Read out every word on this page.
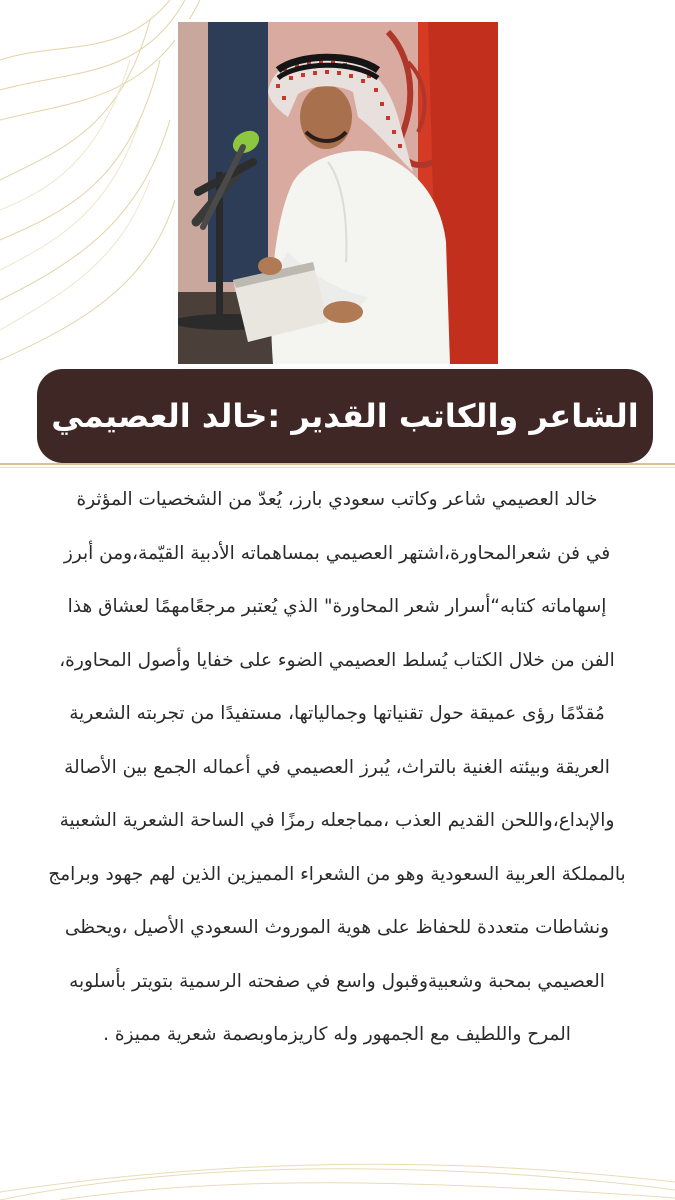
الشاعر والكاتب القدير :خالد العصيمي

خالد العصيمي شاعر وكاتب سعودي بارز، يُعدّ من الشخصيات المؤثرة

في فن شعرالمحاورة،اشتهر العصيمي بمساهماته الأدبية القيّمة،ومن أبرز

إسهاماته كتابه“أسرار شعر المحاورة" الذي يُعتبر مرجعًامهمًا لعشاق هذا

الفن من خلال الكتاب يُسلط العصيمي الضوء على خفايا وأصول المحاورة،

مُقدّمًا رؤى عميقة حول تقنياتها وجمالياتها، مستفيدًا من تجربته الشعرية

العريقة وبيئته الغنية بالتراث، يُبرز العصيمي في أعماله الجمع بين الأصالة

والإبداع،واللحن القديم العذب ،مماجعله رمزًا في الساحة الشعرية الشعبية

بالمملكة العربية السعودية وهو من الشعراء المميزين الذين لهم جهود وبرامج

ونشاطات متعددة للحفاظ على هوية الموروث السعودي الأصيل ،ويحظى

العصيمي بمحبة وشعبيةوقبول واسع في صفحته الرسمية بتويتر بأسلوبه

المرح واللطيف مع الجمهور وله كاريزماوبصمة شعرية مميزة .
